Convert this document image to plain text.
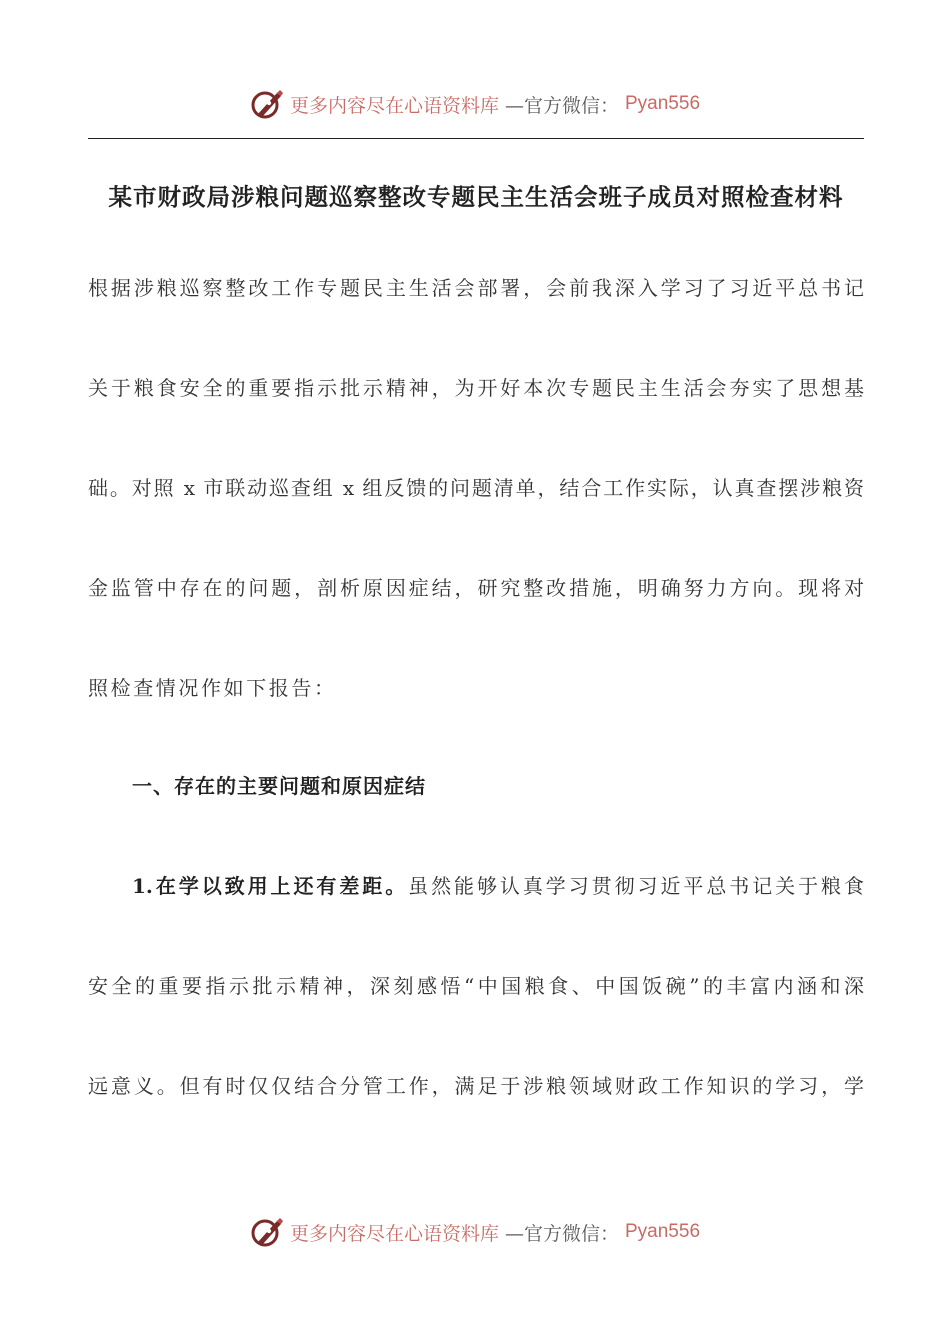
更多内容尽在心语资料库 —官方微信： Pyan556
某市财政局涉粮问题巡察整改专题民主生活会班子成员对照检查材料
根据涉粮巡察整改工作专题民主生活会部署，会前我深入学习了习近平总书记
关于粮食安全的重要指示批示精神，为开好本次专题民主生活会夯实了思想基
础。对照 x 市联动巡查组 x 组反馈的问题清单，结合工作实际，认真查摆涉粮资
金监管中存在的问题，剖析原因症结，研究整改措施，明确努力方向。现将对
照检查情况作如下报告：
一、存在的主要问题和原因症结
1.在学以致用上还有差距。虽然能够认真学习贯彻习近平总书记关于粮食
安全的重要指示批示精神，深刻感悟“中国粮食、中国饭碗”的丰富内涵和深
远意义。但有时仅仅结合分管工作，满足于涉粮领域财政工作知识的学习，学
更多内容尽在心语资料库 —官方微信： Pyan556
